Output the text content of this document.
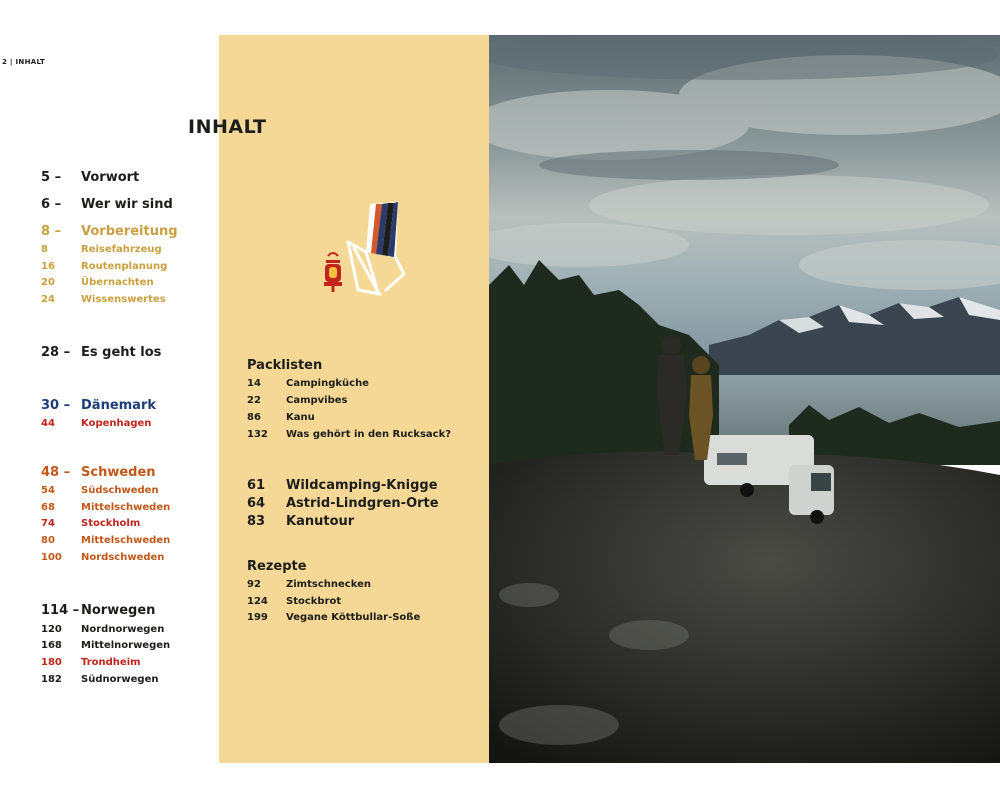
2 | INHALT
INHALT
5 – Vorwort
6 – Wer wir sind
8 – Vorbereitung
8	Reisefahrzeug
16	Routenplanung
20	Übernachten
24	Wissenswertes
28 – Es geht los
30 – Dänemark
44	Kopenhagen
48 – Schweden
54	Südschweden
68	Mittelschweden
74	Stockholm
80	Mittelschweden
100 Nordschweden
114 – Norwegen
120 Nordnorwegen
168 Mittelnorwegen
180 Trondheim
182 Südnorwegen
Packlisten
14	Campingküche
22	Campvibes
86	Kanu
132 Was gehört in den Rucksack?
61 Wildcamping-Knigge
64 Astrid-Lindgren-Orte
83 Kanutour
Rezepte
92	Zimtschnecken
124 Stockbrot
199 Vegane Köttbullar-Soße
